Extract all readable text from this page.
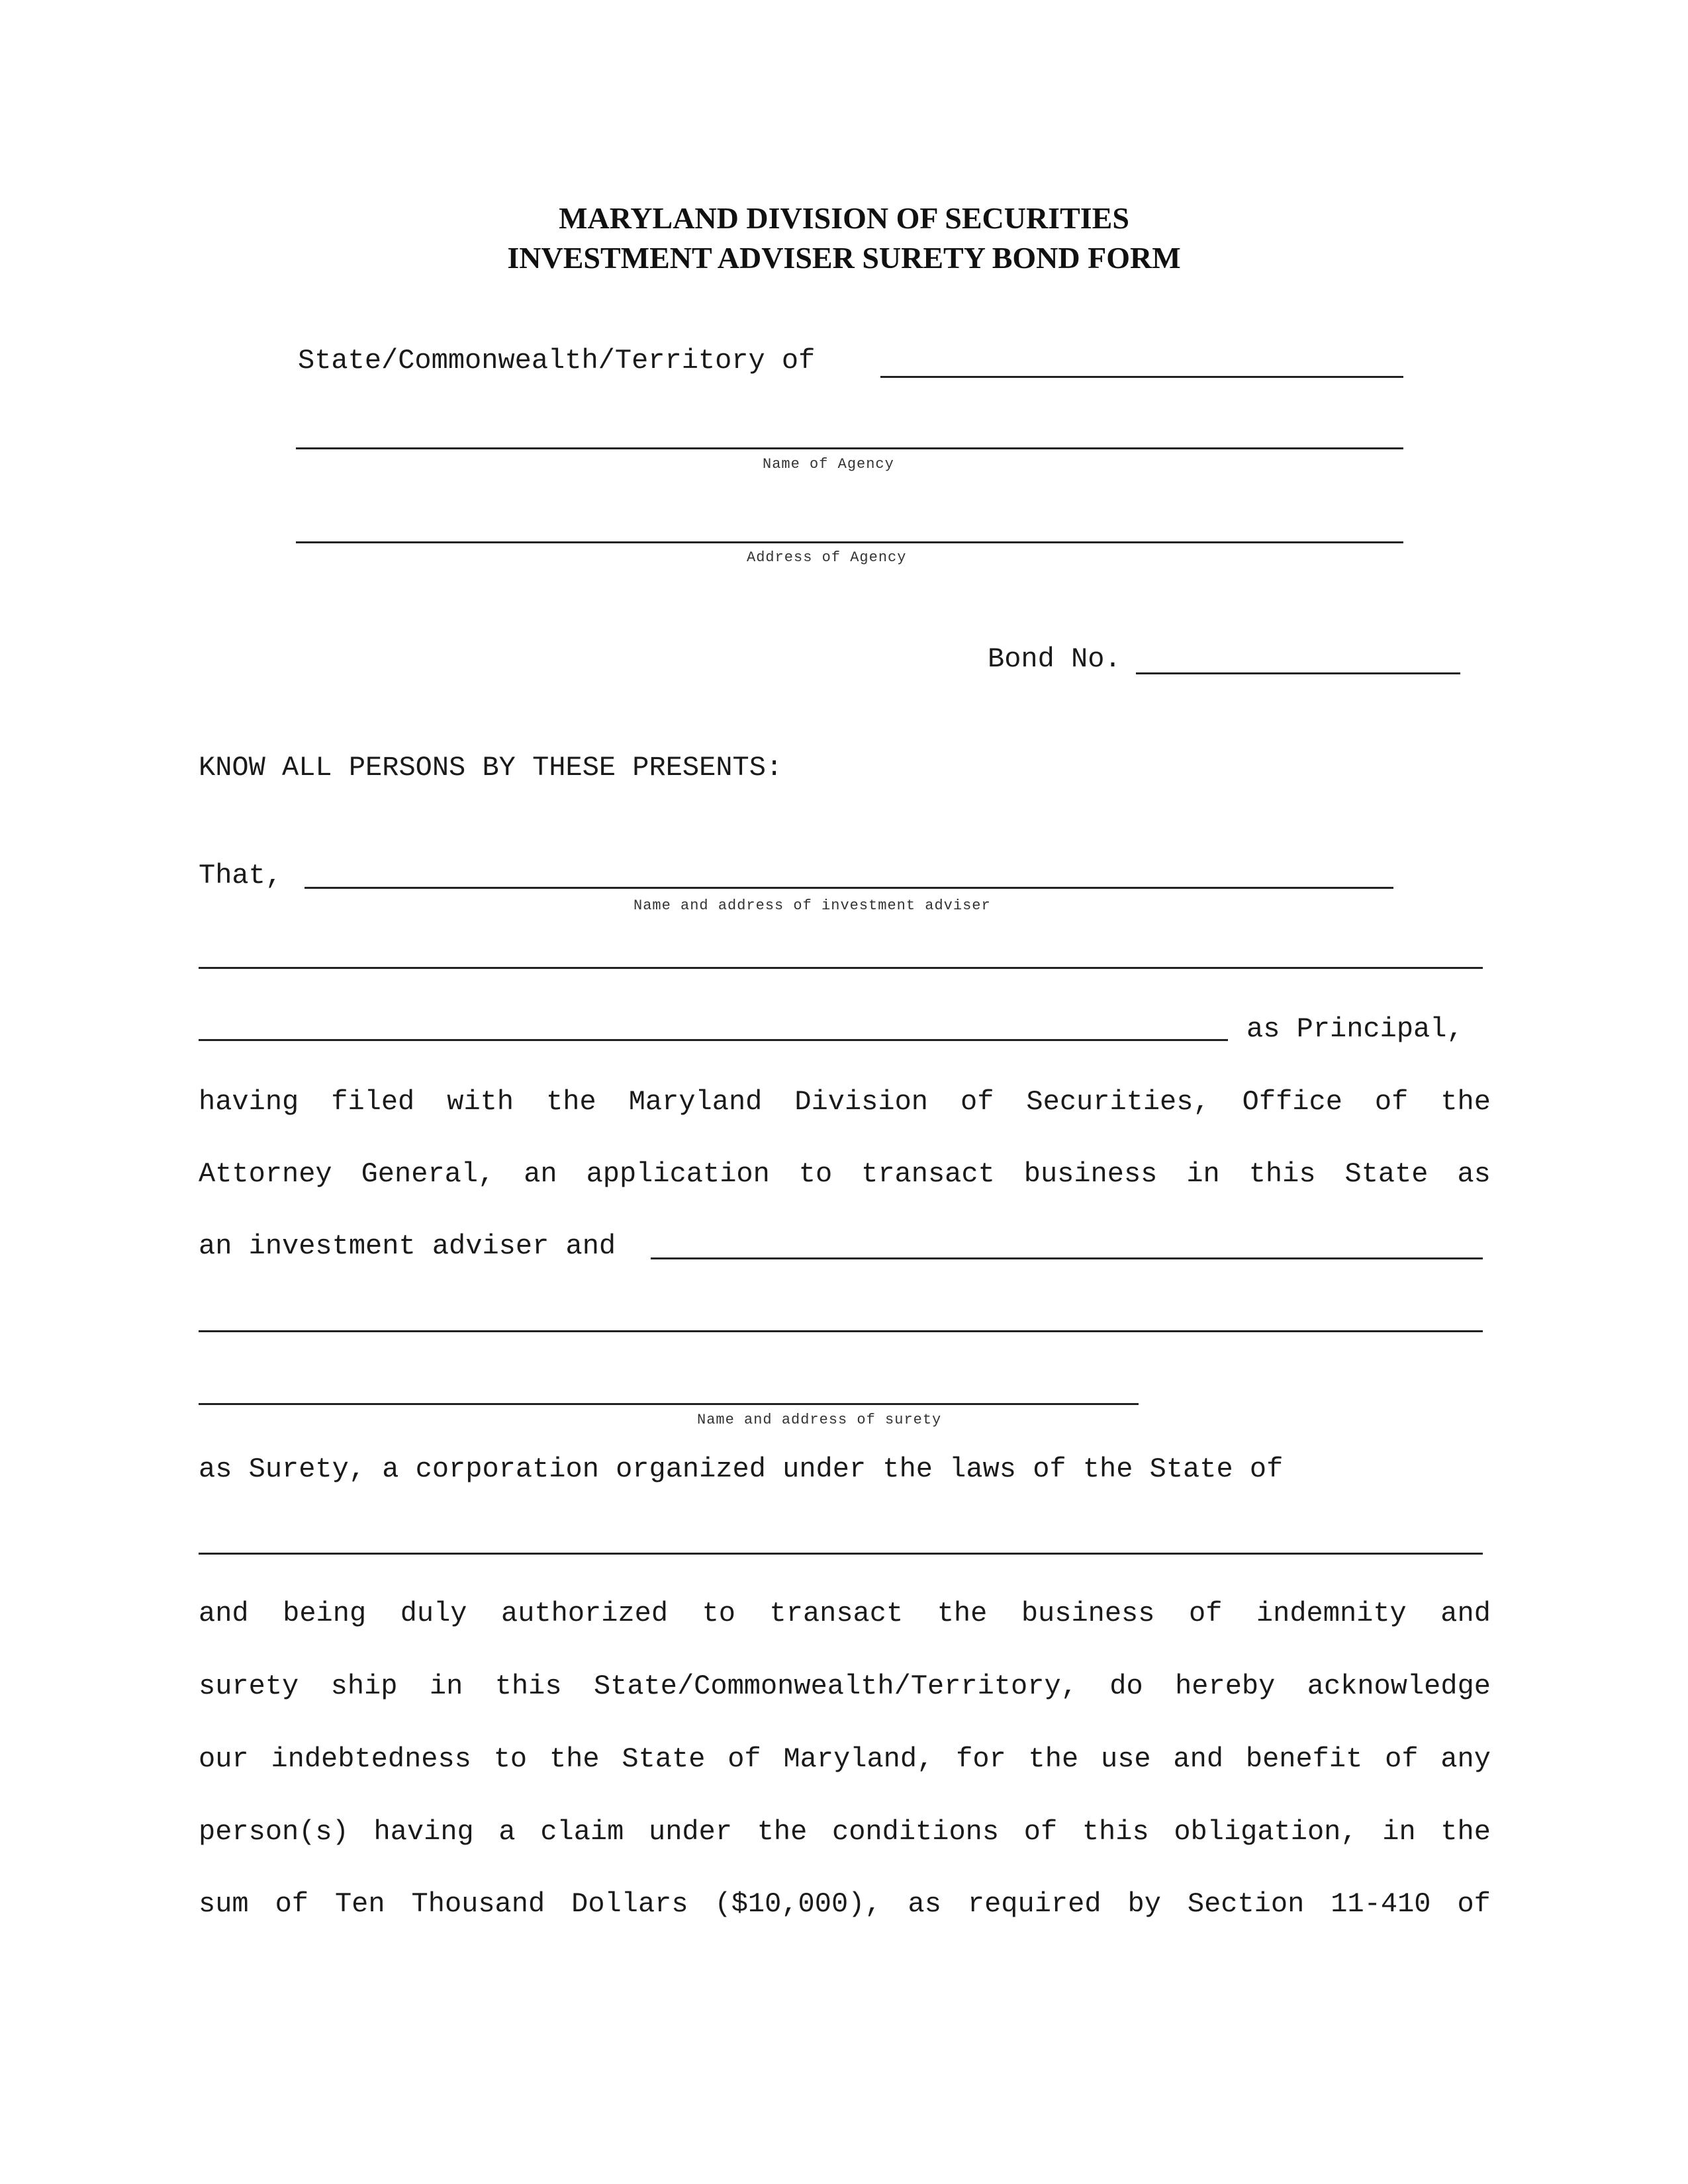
MARYLAND DIVISION OF SECURITIES
INVESTMENT ADVISER SURETY BOND FORM
State/Commonwealth/Territory of
Name of Agency
Address of Agency
Bond No.
KNOW ALL PERSONS BY THESE PRESENTS:
That,
Name and address of investment adviser
as Principal,
having filed with the Maryland Division of Securities, Office of the
Attorney General, an application to transact business in this State as
an investment adviser and
Name and address of surety
as Surety, a corporation organized under the laws of the State of
and being duly authorized to transact the business of indemnity and
surety ship in this State/Commonwealth/Territory, do hereby acknowledge
our indebtedness to the State of Maryland, for the use and benefit of any
person(s) having a claim under the conditions of this obligation, in the
sum of Ten Thousand Dollars ($10,000), as required by Section 11-410 of
